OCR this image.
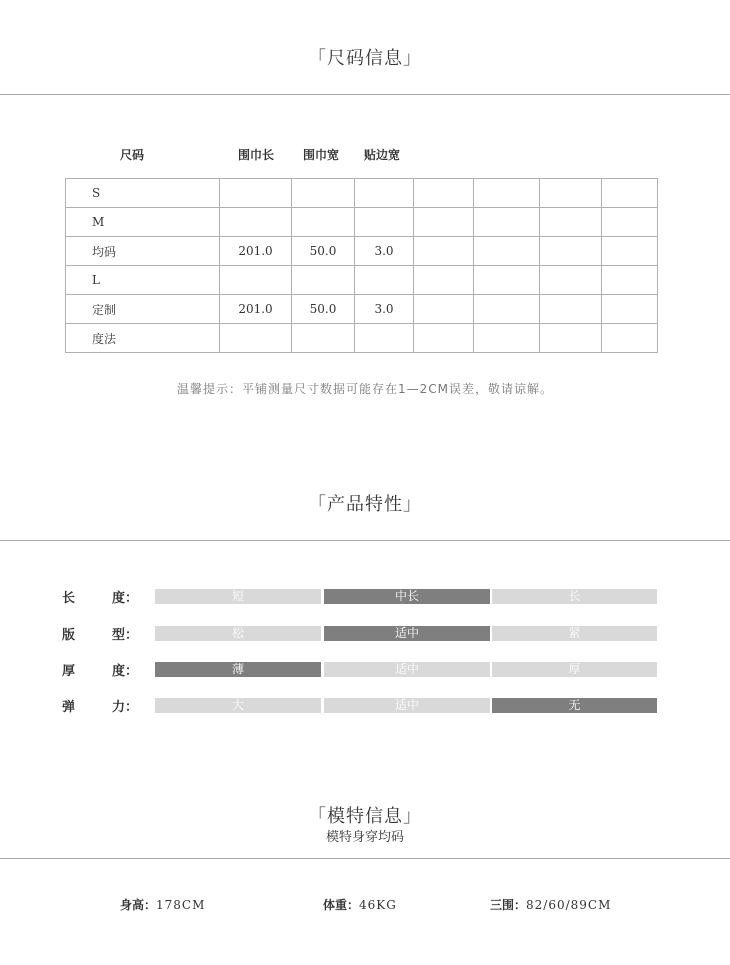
「尺码信息」
尺码	围巾长 围巾宽 贴边宽
S							
M							
均码	201.0	50.0	3.0				
L							
定制	201.0	50.0	3.0				
度法							
温馨提示：平铺测量尺寸数据可能存在1—2CM误差，敬请谅解。
「产品特性」
长	度：	短	中长	长
版	型：	松	适中	紧
厚	度：	薄	适中	厚
弹	力：	大	适中	无
「模特信息」
模特身穿均码
身高：178CM	体重：46KG	三围：82/60/89CM
